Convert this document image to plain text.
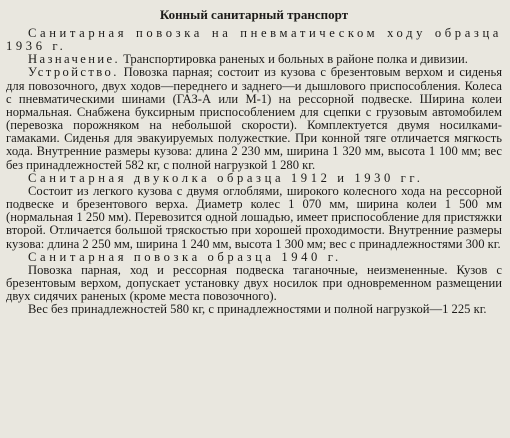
Конный санитарный транспорт

Санитарная повозка на пневматическом ходу образца 1936 г.

Назначение. Транспортировка раненых и больных в районе полка и дивизии.

Устройство. Повозка парная; состоит из кузова с брезентовым верхом и сиденья для повозочного, двух ходов—переднего и заднего—и дышлового приспособления. Колеса с пневматическими шинами (ГАЗ-А или М-1) на рессорной подвеске. Ширина колеи нормальная. Снабжена буксирным приспособлением для сцепки с грузовым автомобилем (перевозка порожняком на небольшой скорости). Комплектуется двумя носилками-гамаками. Сиденья для эвакуируемых полужесткие. При конной тяге отличается мягкость хода. Внутренние размеры кузова: длина 2 230 мм, ширина 1 320 мм, высота 1 100 мм; вес без принадлежностей 582 кг, с полной нагрузкой 1 280 кг.

Санитарная двуколка образца 1912 и 1930 гг.

Состоит из легкого кузова с двумя оглоблями, широкого колесного хода на рессорной подвеске и брезентового верха. Диаметр колес 1 070 мм, ширина колеи 1 500 мм (нормальная 1 250 мм). Перевозится одной лошадью, имеет приспособление для пристяжки второй. Отличается большой тряскостью при хорошей проходимости. Внутренние размеры кузова: длина 2 250 мм, ширина 1 240 мм, высота 1 300 мм; вес с принадлежностями 300 кг.

Санитарная повозка образца 1940 г.

Повозка парная, ход и рессорная подвеска таганочные, неизмененные. Кузов с брезентовым верхом, допускает установку двух носилок при одновременном размещении двух сидячих раненых (кроме места повозочного).

Вес без принадлежностей 580 кг, с принадлежностями и полной нагрузкой—1 225 кг.
